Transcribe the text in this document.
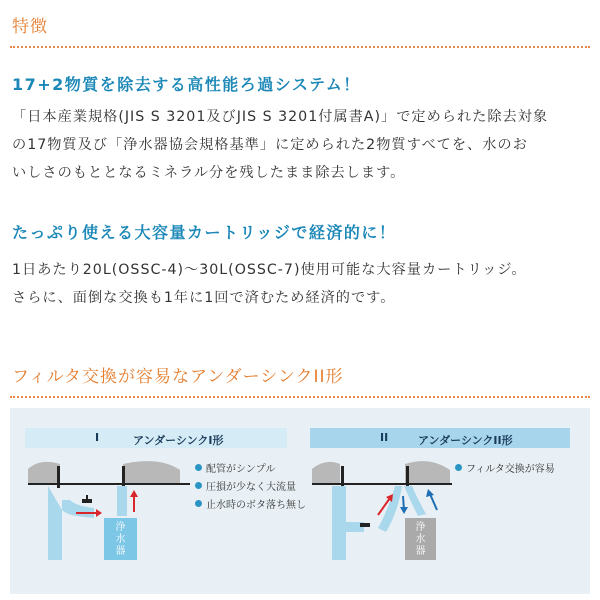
特徴
17+2物質を除去する高性能ろ過システム！
「日本産業規格(JIS S 3201及びJIS S 3201付属書A)」で定められた除去対象
の17物質及び「浄水器協会規格基準」に定められた2物質すべてを、水のお
いしさのもととなるミネラル分を残したまま除去します。
たっぷり使える大容量カートリッジで経済的に！
1日あたり20L(OSSC-4)〜30L(OSSC-7)使用可能な大容量カートリッジ。
さらに、面倒な交換も1年に1回で済むため経済的です。
フィルタ交換が容易なアンダーシンクII形
I	アンダーシンクI形	II	アンダーシンクII形
浄
水
器
浄
水
器
配管がシンプル
圧損が少なく大流量
止水時のボタ落ち無し
フィルタ交換が容易
